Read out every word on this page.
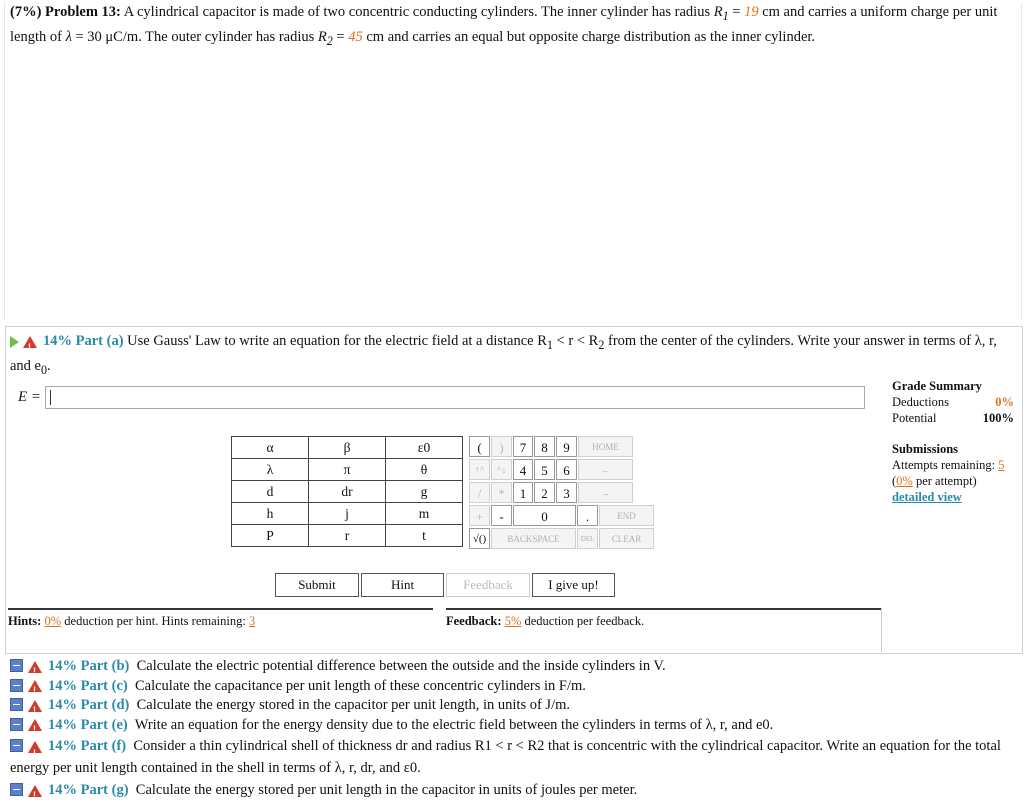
(7%) Problem 13: A cylindrical capacitor is made of two concentric conducting cylinders. The inner cylinder has radius $R_1 = 19$ cm and carries a uniform charge per unit length of λ = 30 μC/m. The outer cylinder has radius $R_2 = 45$ cm and carries an equal but opposite charge distribution as the inner cylinder.
!14% Part (a) Use Gauss' Law to write an equation for the electric field at a distance $R_1 < r < R_2$ from the center of the cylinders. Write your answer in terms of λ, r, and $e_0$.
E =
Grade Summary
Deductions	0%
Potential	100%
Submissions
Attempts remaining: 5
(0% per attempt)
detailed view
α	β	ε0
λ	π	θ
d	dr	g
h	j	m
P	r	t
(	)	7	8	9	HOME
↑^	^↓	4	5	6	←
/	*	1	2	3	→
+	-	0	.	END
√()	BACKSPACE	DEL	CLEAR
Submit	Hint	Feedback	I give up!
Hints: 0% deduction per hint. Hints remaining: 3	Feedback: 5% deduction per feedback.
!14% Part (b) Calculate the electric potential difference between the outside and the inside cylinders in V.
!14% Part (c) Calculate the capacitance per unit length of these concentric cylinders in F/m.
!14% Part (d) Calculate the energy stored in the capacitor per unit length, in units of J/m.
!14% Part (e) Write an equation for the energy density due to the electric field between the cylinders in terms of λ, r, and e0.
!14% Part (f) Consider a thin cylindrical shell of thickness dr and radius R1 < r < R2 that is concentric with the cylindrical capacitor. Write an equation for the total energy per unit length contained in the shell in terms of λ, r, dr, and ε0.
!14% Part (g) Calculate the energy stored per unit length in the capacitor in units of joules per meter.
